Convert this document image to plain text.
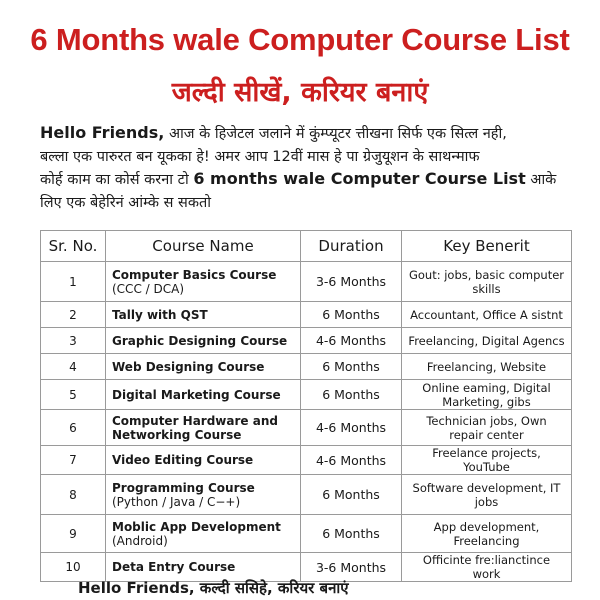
6 Months wale Computer Course List
जल्दी सीखें, करियर बनाएं
Hello Friends, आज के हिजेटल जलाने में कुंम्प्यूटर त्तीखना सिर्फ एक सित्ल नही,
बल्ला एक पारुरत बन यूकका हे! अमर आप 12वीं मास हे पा ग्रेजुयूशन के साथन्माफ
कोर्ह काम का कोर्स करना टो 6 months wale Computer Course List आके
लिए एक बेहेरिनं आंम्के स सकतो
Sr. No.	Course Name	Duration	Key Benerit
1	Computer Basics Course
(CCC / DCA)	3-6 Months	Gout: jobs, basic computer skills
2	Tally with QST	6 Months	Accountant, Office A sistnt
3	Graphic Designing Course	4-6 Months	Freelancing, Digital Agencs
4	Web Designing Course	6 Months	Freelancing, Website
5	Digital Marketing Course	6 Months	Online eaming, Digital Marketing, gibs
6	Computer Hardware and
Networking Course	4-6 Months	Technician jobs, Own repair center
7	Video Editing Course	4-6 Months	Freelance projects, YouTube
8	Programming Course
(Python / Java / C−+)	6 Months	Software development, IT jobs
9	Moblic App Development
(Android)	6 Months	App development, Freelancing
10	Deta Entry Course	3-6 Months	Officinte fre:lianctince work
Hello Friends, कल्दी ससिहे, करियर बनाएं
